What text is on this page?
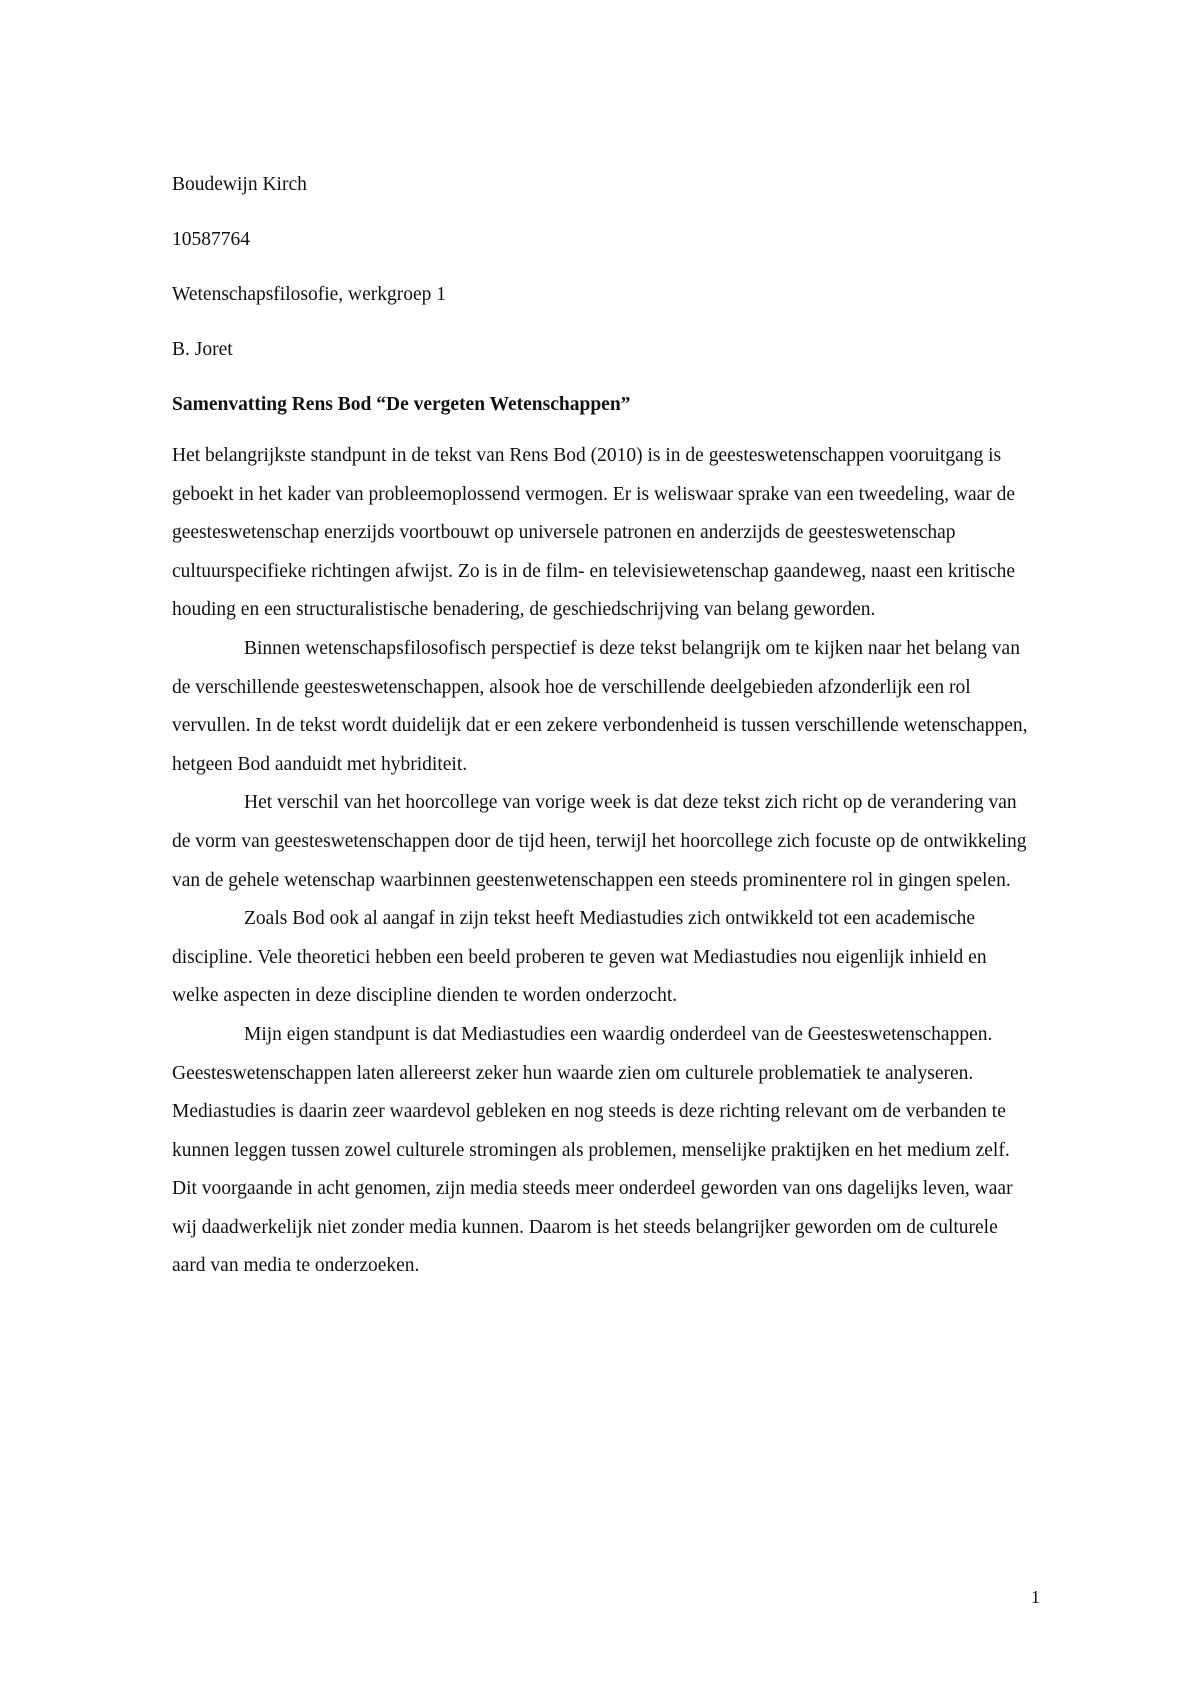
Boudewijn Kirch

10587764

Wetenschapsfilosofie, werkgroep 1

B. Joret

Samenvatting Rens Bod “De vergeten Wetenschappen”

Het belangrijkste standpunt in de tekst van Rens Bod (2010) is in de geesteswetenschappen vooruitgang is geboekt in het kader van probleemoplossend vermogen. Er is weliswaar sprake van een tweedeling, waar de geesteswetenschap enerzijds voortbouwt op universele patronen en anderzijds de geesteswetenschap cultuurspecifieke richtingen afwijst. Zo is in de film- en televisiewetenschap gaandeweg, naast een kritische houding en een structuralistische benadering, de geschiedschrijving van belang geworden.

Binnen wetenschapsfilosofisch perspectief is deze tekst belangrijk om te kijken naar het belang van de verschillende geesteswetenschappen, alsook hoe de verschillende deelgebieden afzonderlijk een rol vervullen. In de tekst wordt duidelijk dat er een zekere verbondenheid is tussen verschillende wetenschappen, hetgeen Bod aanduidt met hybriditeit.

Het verschil van het hoorcollege van vorige week is dat deze tekst zich richt op de verandering van de vorm van geesteswetenschappen door de tijd heen, terwijl het hoorcollege zich focuste op de ontwikkeling van de gehele wetenschap waarbinnen geestenwetenschappen een steeds prominentere rol in gingen spelen.

Zoals Bod ook al aangaf in zijn tekst heeft Mediastudies zich ontwikkeld tot een academische discipline. Vele theoretici hebben een beeld proberen te geven wat Mediastudies nou eigenlijk inhield en welke aspecten in deze discipline dienden te worden onderzocht.

Mijn eigen standpunt is dat Mediastudies een waardig onderdeel van de Geesteswetenschappen. Geesteswetenschappen laten allereerst zeker hun waarde zien om culturele problematiek te analyseren. Mediastudies is daarin zeer waardevol gebleken en nog steeds is deze richting relevant om de verbanden te kunnen leggen tussen zowel culturele stromingen als problemen, menselijke praktijken en het medium zelf. Dit voorgaande in acht genomen, zijn media steeds meer onderdeel geworden van ons dagelijks leven, waar wij daadwerkelijk niet zonder media kunnen. Daarom is het steeds belangrijker geworden om de culturele aard van media te onderzoeken.

1
